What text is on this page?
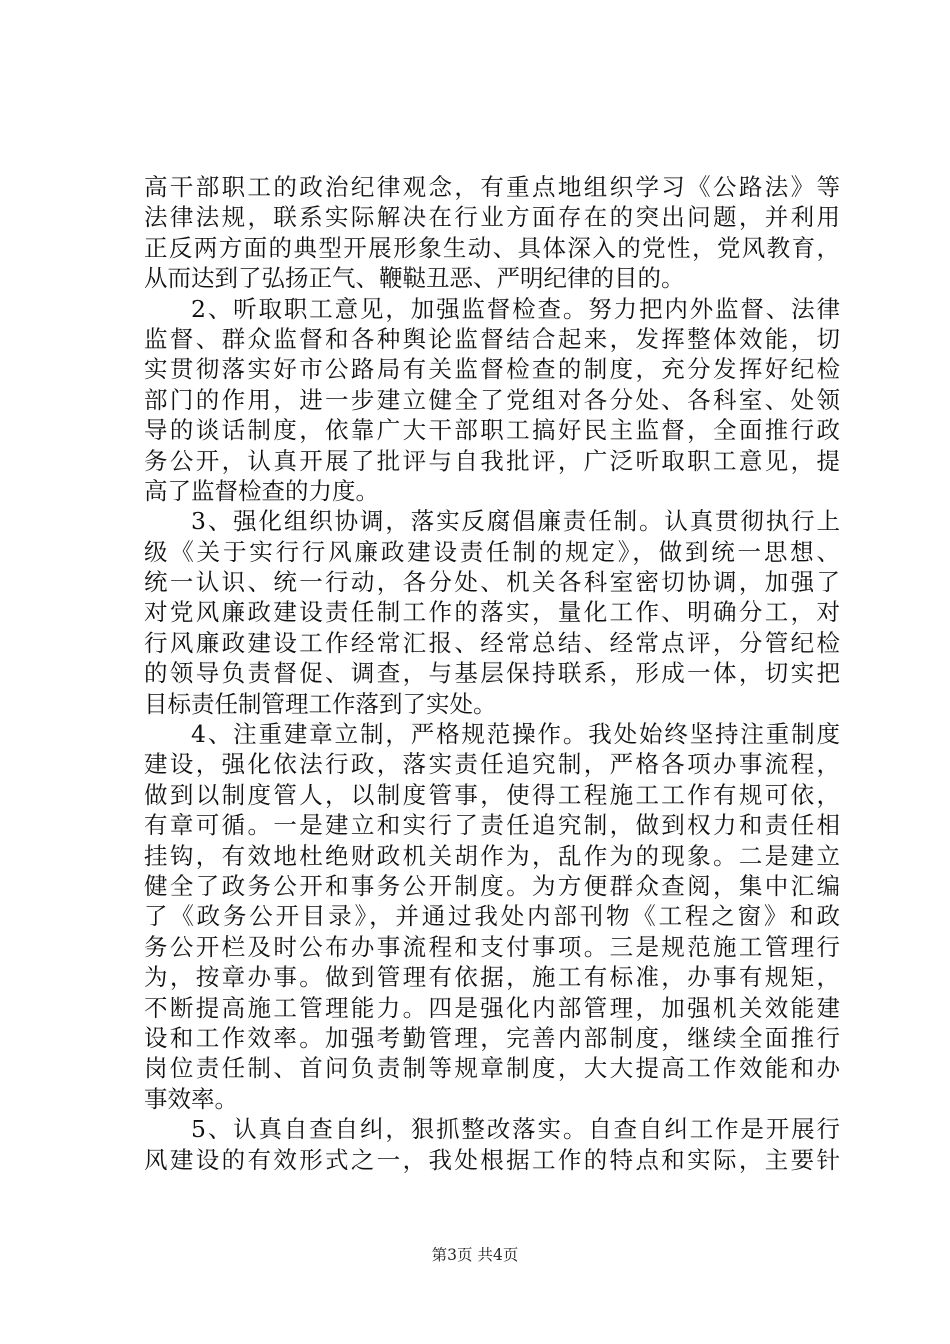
高干部职工的政治纪律观念，有重点地组织学习《公路法》等
法律法规，联系实际解决在行业方面存在的突出问题，并利用
正反两方面的典型开展形象生动、具体深入的党性，党风教育，
从而达到了弘扬正气、鞭鞑丑恶、严明纪律的目的。
2、听取职工意见，加强监督检查。努力把内外监督、法律
监督、群众监督和各种舆论监督结合起来，发挥整体效能，切
实贯彻落实好市公路局有关监督检查的制度，充分发挥好纪检
部门的作用，进一步建立健全了党组对各分处、各科室、处领
导的谈话制度，依靠广大干部职工搞好民主监督，全面推行政
务公开，认真开展了批评与自我批评，广泛听取职工意见，提
高了监督检查的力度。
3、强化组织协调，落实反腐倡廉责任制。认真贯彻执行上
级《关于实行行风廉政建设责任制的规定》，做到统一思想、
统一认识、统一行动，各分处、机关各科室密切协调，加强了
对党风廉政建设责任制工作的落实，量化工作、明确分工，对
行风廉政建设工作经常汇报、经常总结、经常点评，分管纪检
的领导负责督促、调查，与基层保持联系，形成一体，切实把
目标责任制管理工作落到了实处。
4、注重建章立制，严格规范操作。我处始终坚持注重制度
建设，强化依法行政，落实责任追究制，严格各项办事流程，
做到以制度管人，以制度管事，使得工程施工工作有规可依，
有章可循。一是建立和实行了责任追究制，做到权力和责任相
挂钩，有效地杜绝财政机关胡作为，乱作为的现象。二是建立
健全了政务公开和事务公开制度。为方便群众查阅，集中汇编
了《政务公开目录》，并通过我处内部刊物《工程之窗》和政
务公开栏及时公布办事流程和支付事项。三是规范施工管理行
为，按章办事。做到管理有依据，施工有标准，办事有规矩，
不断提高施工管理能力。四是强化内部管理，加强机关效能建
设和工作效率。加强考勤管理，完善内部制度，继续全面推行
岗位责任制、首问负责制等规章制度，大大提高工作效能和办
事效率。
5、认真自查自纠，狠抓整改落实。自查自纠工作是开展行
风建设的有效形式之一，我处根据工作的特点和实际，主要针
第3页 共4页
